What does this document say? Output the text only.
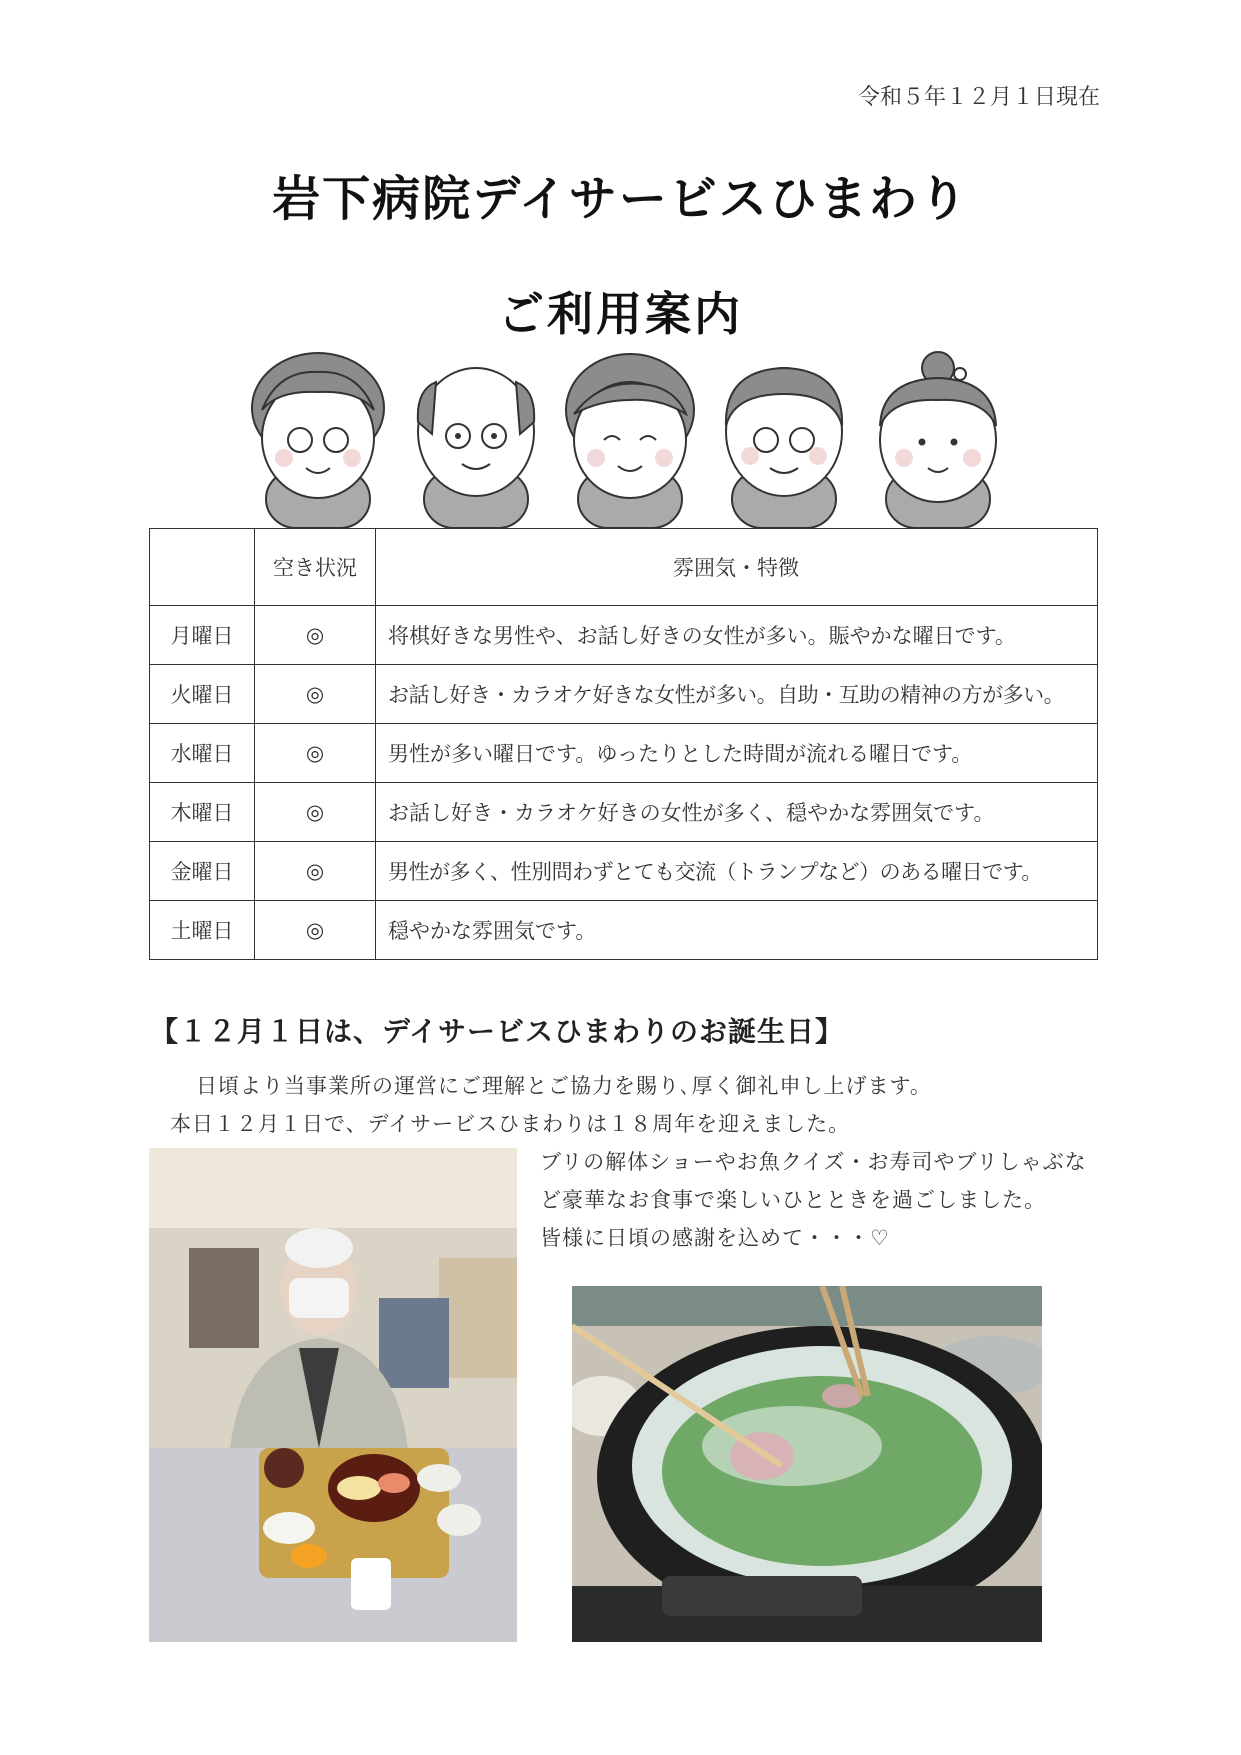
令和５年１２月１日現在
岩下病院デイサービスひまわり
ご利用案内
	空き状況	雰囲気・特徴
月曜日	◎	将棋好きな男性や、お話し好きの女性が多い。賑やかな曜日です。
火曜日	◎	お話し好き・カラオケ好きな女性が多い。自助・互助の精神の方が多い。
水曜日	◎	男性が多い曜日です。ゆったりとした時間が流れる曜日です。
木曜日	◎	お話し好き・カラオケ好きの女性が多く、穏やかな雰囲気です。
金曜日	◎	男性が多く、性別問わずとても交流（トランプなど）のある曜日です。
土曜日	◎	穏やかな雰囲気です。
【１２月１日は、デイサービスひまわりのお誕生日】
日頃より当事業所の運営にご理解とご協力を賜り､厚く御礼申し上げます。
本日１２月１日で、デイサービスひまわりは１８周年を迎えました。
ブリの解体ショーやお魚クイズ・お寿司やブリしゃぶな
ど豪華なお食事で楽しいひとときを過ごしました。
皆様に日頃の感謝を込めて・・・♡
